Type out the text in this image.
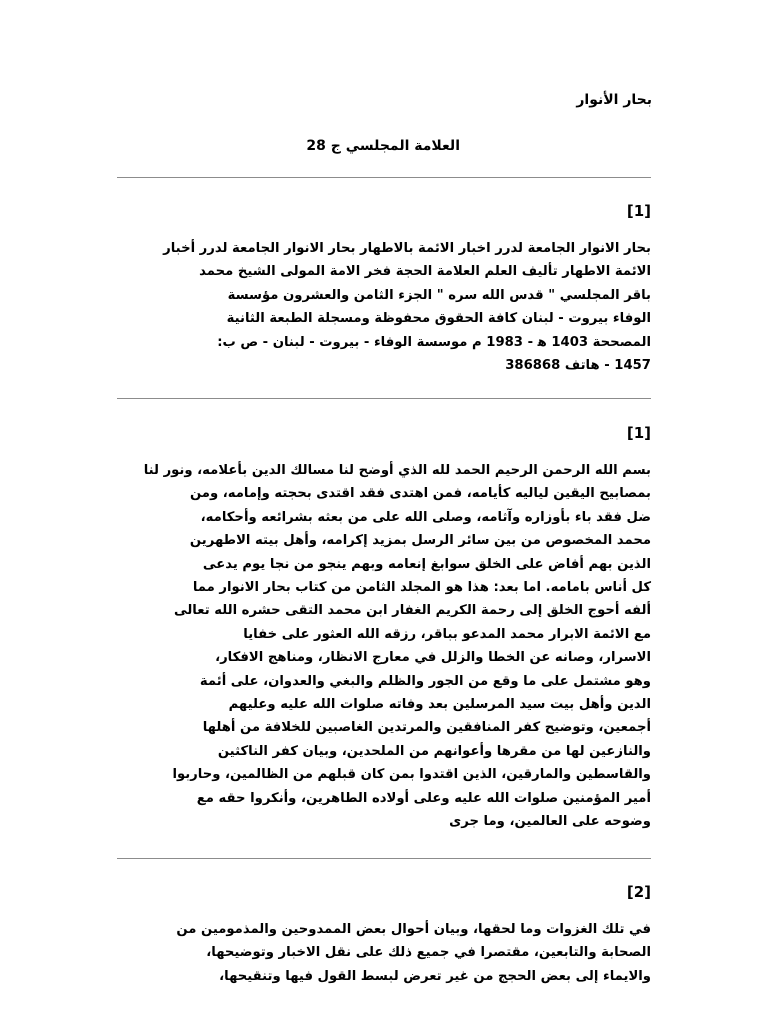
بحار الأنوار
العلامة المجلسي ج 28
[1]
بحار الانوار الجامعة لدرر اخبار الائمة بالاطهار بحار الانوار الجامعة لدرر أخبار
الائمة الاطهار تأليف العلم العلامة الحجة فخر الامة المولى الشيخ محمد
باقر المجلسي " قدس الله سره " الجزء الثامن والعشرون مؤسسة
الوفاء بيروت - لبنان كافة الحقوق محفوظة ومسجلة الطبعة الثانية
المصححة 1403 ه‍ - 1983 م موسسة الوفاء - بيروت - لبنان - ص ب:
1457 - هاتف 386868
[1]
بسم الله الرحمن الرحيم الحمد لله الذي أوضح لنا مسالك الدين بأعلامه، ونور لنا
بمصابيح اليقين لياليه كأيامه، فمن اهتدى فقد اقتدى بحجته وإمامه، ومن
ضل فقد باء بأوزاره وآثامه، وصلى الله على من بعثه بشرائعه وأحكامه،
محمد المخصوص من بين سائر الرسل بمزيد إكرامه، وأهل بيته الاطهرين
الذين بهم أفاض على الخلق سوابغ إنعامه وبهم ينجو من نجا يوم يدعى
كل أناس بامامه. اما بعد: هذا هو المجلد الثامن من كتاب بحار الانوار مما
ألفه أحوج الخلق إلى رحمة الكريم الغفار ابن محمد التقى حشره الله تعالى
مع الائمة الابرار محمد المدعو بباقر، رزقه الله العثور على خفايا
الاسرار، وصانه عن الخطا والزلل في معارج الانظار، ومناهج الافكار،
وهو مشتمل على ما وقع من الجور والظلم والبغي والعدوان، على أئمة
الدين وأهل بيت سيد المرسلين بعد وفاته صلوات الله عليه وعليهم
أجمعين، وتوضيح كفر المنافقين والمرتدين الغاصبين للخلافة من أهلها
والنازعين لها من مقرها وأعوانهم من الملحدين، وبيان كفر الناكثين
والقاسطين والمارقين، الذين اقتدوا بمن كان قبلهم من الظالمين، وحاربوا
أمير المؤمنين صلوات الله عليه وعلى أولاده الطاهرين، وأنكروا حقه مع
وضوحه على العالمين، وما جرى
[2]
في تلك الغزوات وما لحقها، وبيان أحوال بعض الممدوحين والمذمومين من
الصحابة والتابعين، مقتصرا في جميع ذلك على نقل الاخبار وتوضيحها،
والايماء إلى بعض الحجج من غير تعرض لبسط القول فيها وتنقيحها،
